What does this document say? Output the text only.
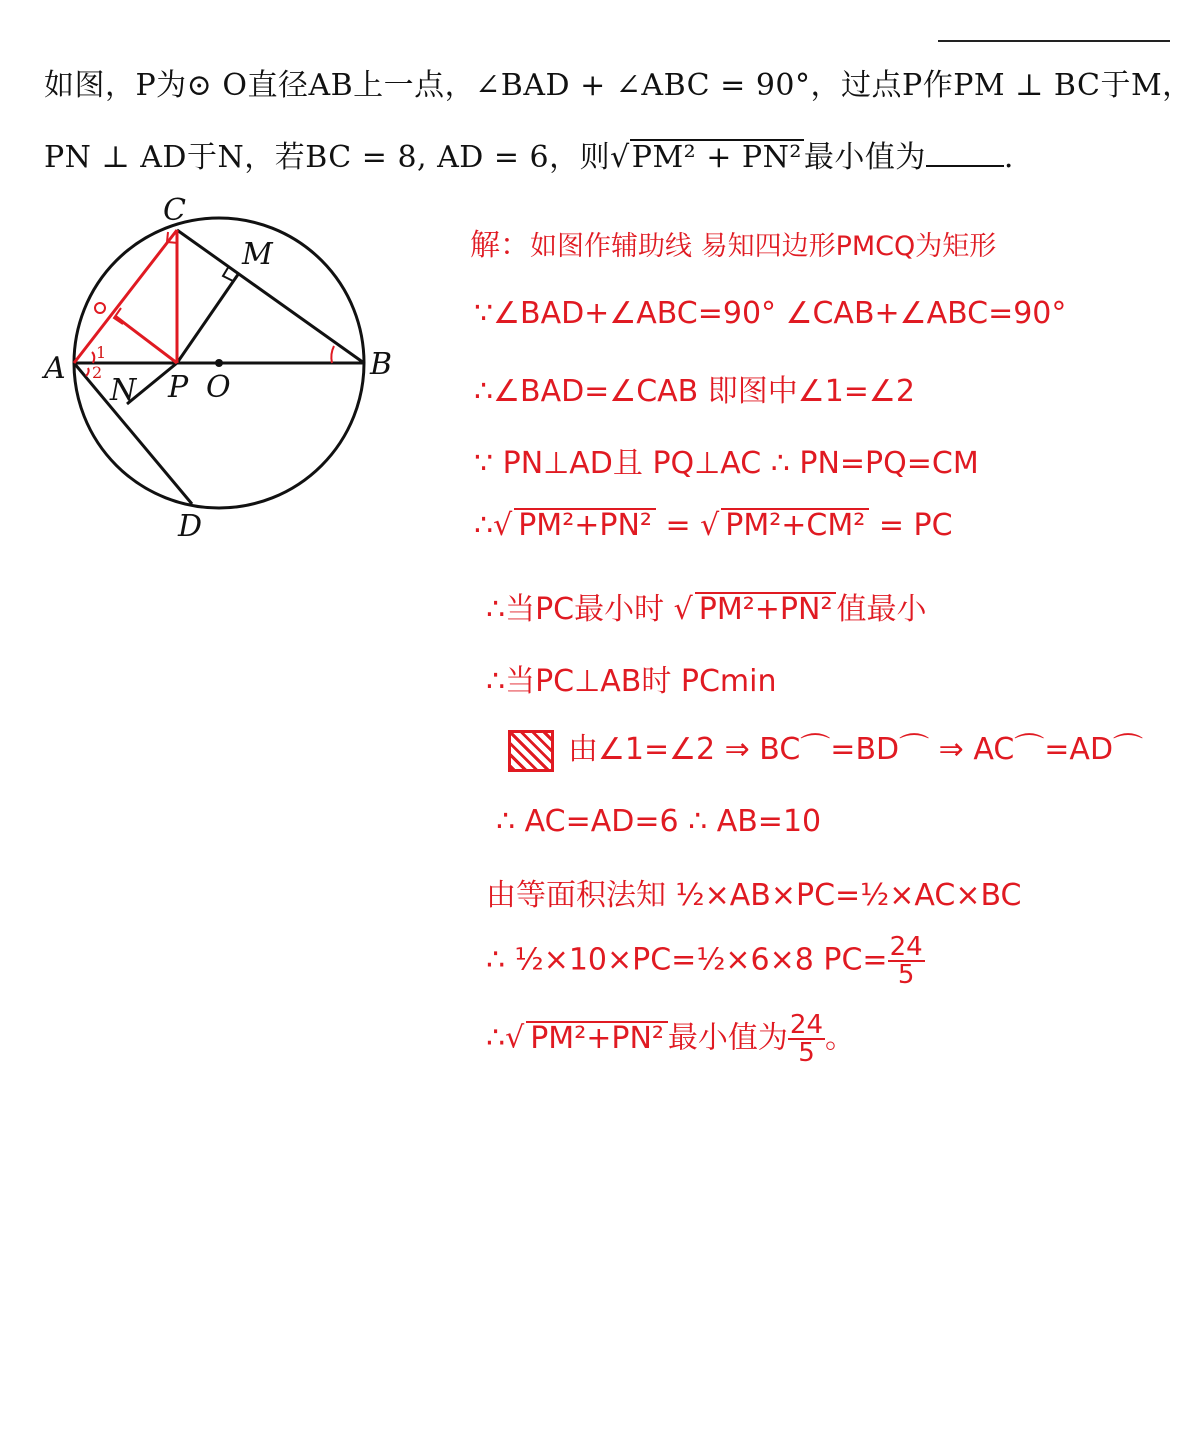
如图，P为⊙ O直径AB上一点，∠BAD + ∠ABC = 90°，过点P作PM ⊥ BC于M，
PN ⊥ AD于N，若BC = 8, AD = 6，则√PM² + PN²最小值为	.
1
2
C
M
A	B
N P O
D
解：如图作辅助线 易知四边形PMCQ为矩形
∵∠BAD+∠ABC=90° ∠CAB+∠ABC=90°
∴∠BAD=∠CAB 即图中∠1=∠2
∵ PN⊥AD且 PQ⊥AC ∴ PN=PQ=CM
∴√ PM²+PN² = √ PM²+CM² = PC
∴当PC最小时 √ PM²+PN² 值最小
∴当PC⊥AB时 PCmin
由∠1=∠2 ⇒ BC⌒=BD⌒ ⇒ AC⌒=AD⌒
∴ AC=AD=6 ∴ AB=10
由等面积法知 ½×AB×PC=½×AC×BC
∴ ½×10×PC=½×6×8 $PC= \frac{24}{5}$
∴√ PM²+PN² 最小值为 $\frac{24}{5}$ 。
